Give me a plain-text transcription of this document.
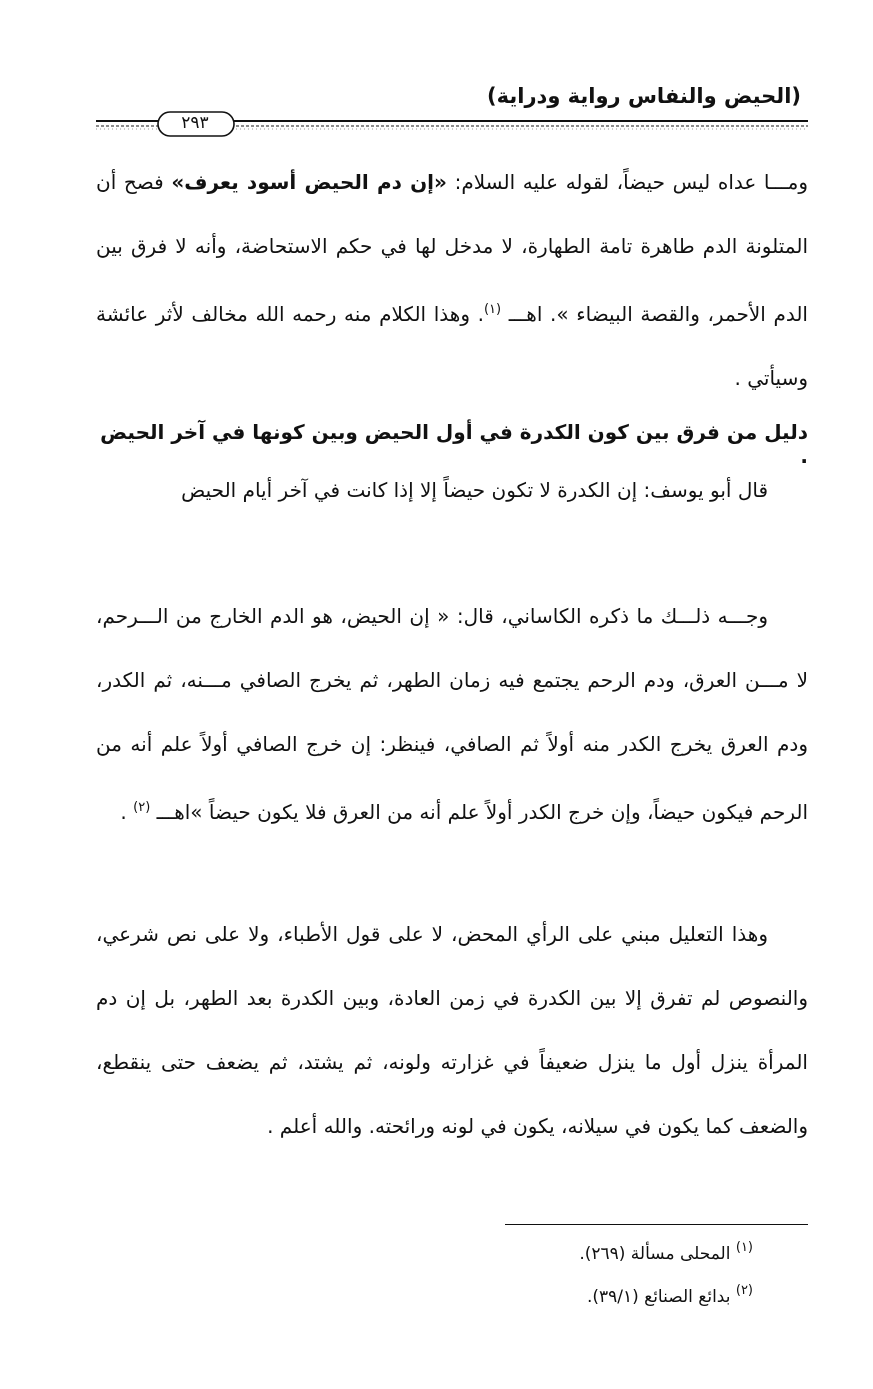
(الحيض والنفاس رواية ودراية)
٢٩٣

ومـــا عداه ليس حيضاً، لقوله عليه السلام: «إن دم الحيض أسود يعرف» فصح أن المتلونة الدم طاهرة تامة الطهارة، لا مدخل لها في حكم الاستحاضة، وأنه لا فرق بين الدم الأحمر، والقصة البيضاء ». اهـــ $^{(١)}$. وهذا الكلام منه رحمه الله مخالف لأثر عائشة وسيأتي .

دليل من فرق بين كون الكدرة في أول الحيض وبين كونها في آخر الحيض .

قال أبو يوسف: إن الكدرة لا تكون حيضاً إلا إذا كانت في آخر أيام الحيض

وجـــه ذلـــك ما ذكره الكاساني، قال: « إن الحيض، هو الدم الخارج من الـــرحم، لا مـــن العرق، ودم الرحم يجتمع فيه زمان الطهر، ثم يخرج الصافي مـــنه، ثم الكدر، ودم العرق يخرج الكدر منه أولاً ثم الصافي، فينظر: إن خرج الصافي أولاً علم أنه من الرحم فيكون حيضاً، وإن خرج الكدر أولاً علم أنه من العرق فلا يكون حيضاً »اهـــ $^{(٢)}$ .

وهذا التعليل مبني على الرأي المحض، لا على قول الأطباء، ولا على نص شرعي، والنصوص لم تفرق إلا بين الكدرة في زمن العادة، وبين الكدرة بعد الطهر، بل إن دم المرأة ينزل أول ما ينزل ضعيفاً في غزارته ولونه، ثم يشتد، ثم يضعف حتى ينقطع، والضعف كما يكون في سيلانه، يكون في لونه ورائحته. والله أعلم .

$^{(١)}$ المحلى مسألة (٢٦٩).
$^{(٢)}$ بدائع الصنائع (٣٩/١).
